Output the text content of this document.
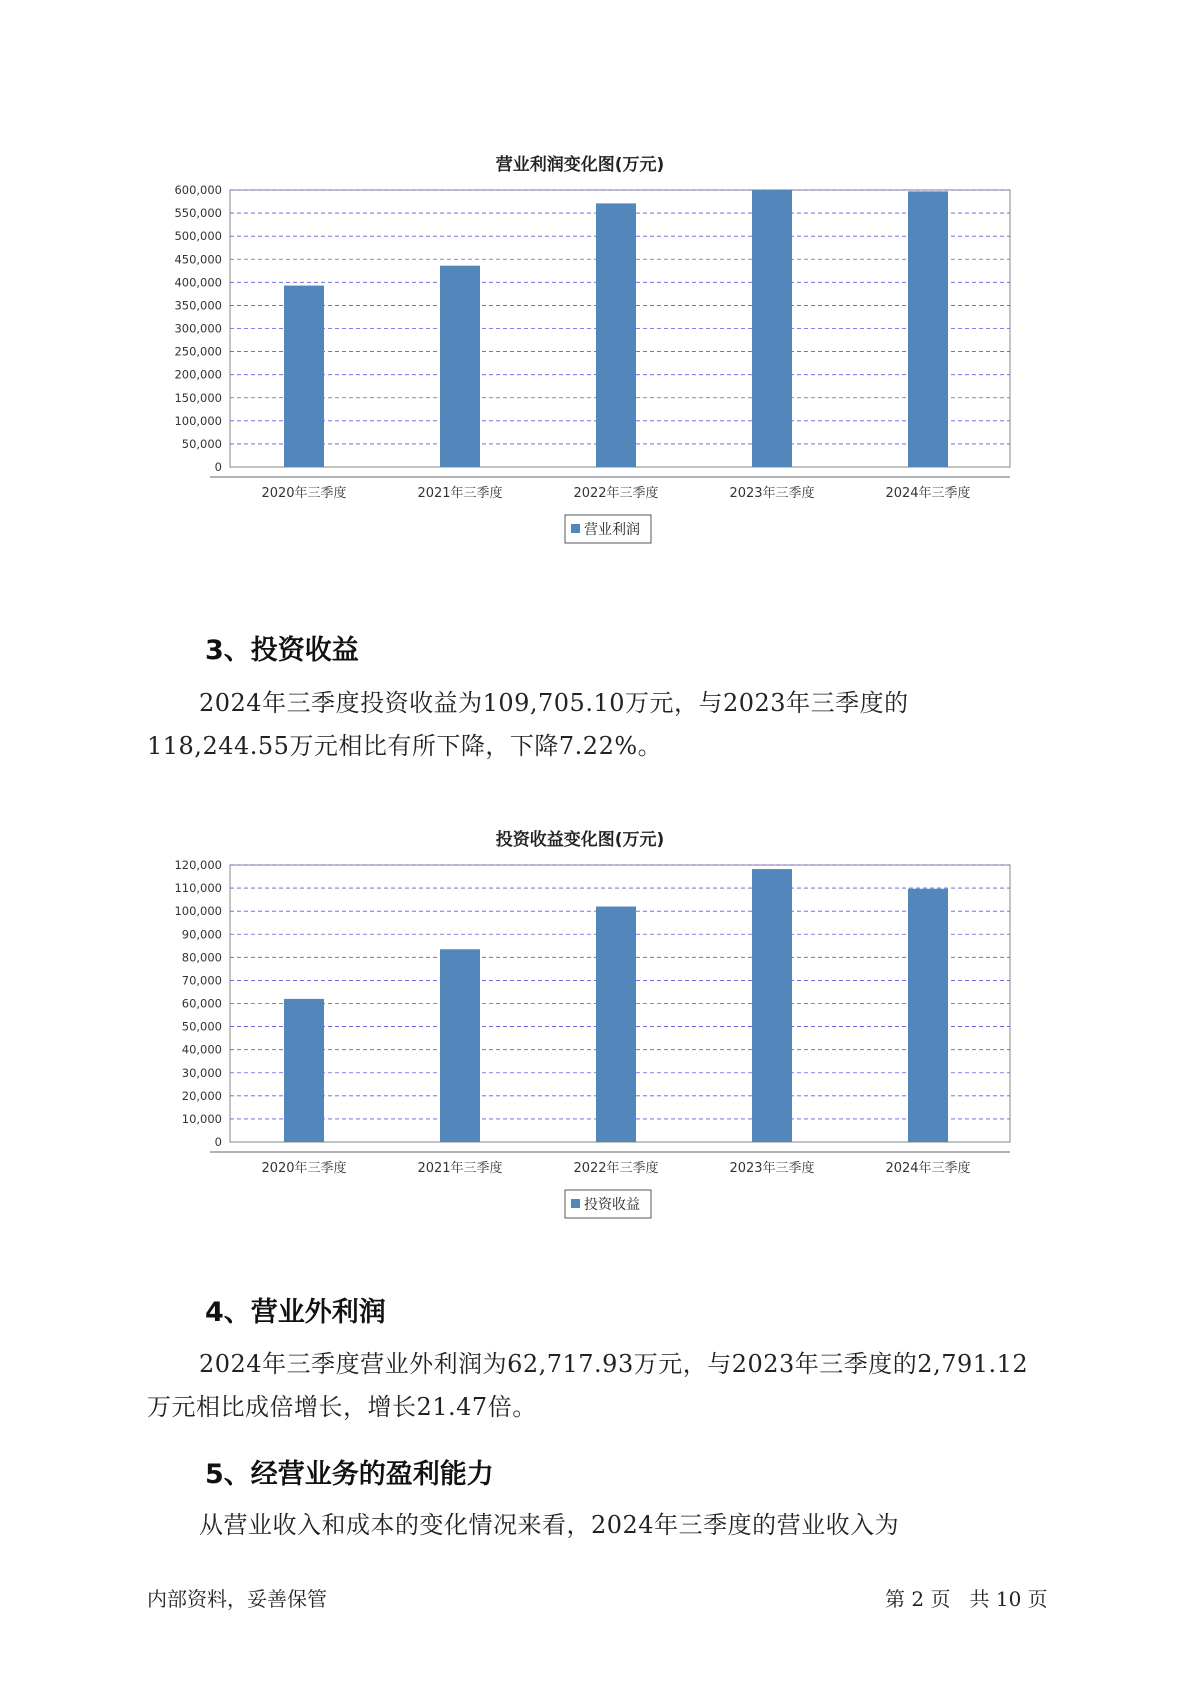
营业利润变化图(万元)
0
50,000
100,000
150,000
200,000
250,000
300,000
350,000
400,000
450,000
500,000
550,000
600,000
2020年三季度	2021年三季度	2022年三季度	2023年三季度	2024年三季度
营业利润
3、投资收益

2024年三季度投资收益为109,705.10万元，与2023年三季度的
118,244.55万元相比有所下降，下降7.22%。

投资收益变化图(万元)
0
10,000
20,000
30,000
40,000
50,000
60,000
70,000
80,000
90,000
100,000
110,000
120,000
2020年三季度	2021年三季度	2022年三季度	2023年三季度	2024年三季度
投资收益
4、营业外利润

2024年三季度营业外利润为62,717.93万元，与2023年三季度的2,791.12
万元相比成倍增长，增长21.47倍。

5、经营业务的盈利能力

从营业收入和成本的变化情况来看，2024年三季度的营业收入为

内部资料，妥善保管	第 2 页   共 10 页
